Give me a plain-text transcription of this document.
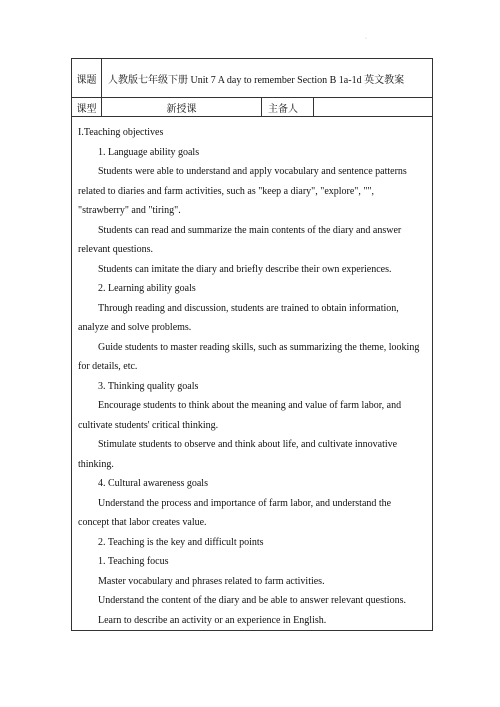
·
课题	人教版七年级下册 Unit 7 A day to remember Section B 1a-1d 英文教案
课型	新授课	主备人

I.Teaching objectives

1. Language ability goals

Students were able to understand and apply vocabulary and sentence patterns related to diaries and farm activities, such as "keep a diary", "explore", "", "strawberry" and "tiring".

Students can read and summarize the main contents of the diary and answer relevant questions.

Students can imitate the diary and briefly describe their own experiences.

2. Learning ability goals

Through reading and discussion, students are trained to obtain information, analyze and solve problems.

Guide students to master reading skills, such as summarizing the theme, looking for details, etc.

3. Thinking quality goals

Encourage students to think about the meaning and value of farm labor, and cultivate students' critical thinking.

Stimulate students to observe and think about life, and cultivate innovative thinking.

4. Cultural awareness goals

Understand the process and importance of farm labor, and understand the concept that labor creates value.

2. Teaching is the key and difficult points

1. Teaching focus

Master vocabulary and phrases related to farm activities.

Understand the content of the diary and be able to answer relevant questions.

Learn to describe an activity or an experience in English.
